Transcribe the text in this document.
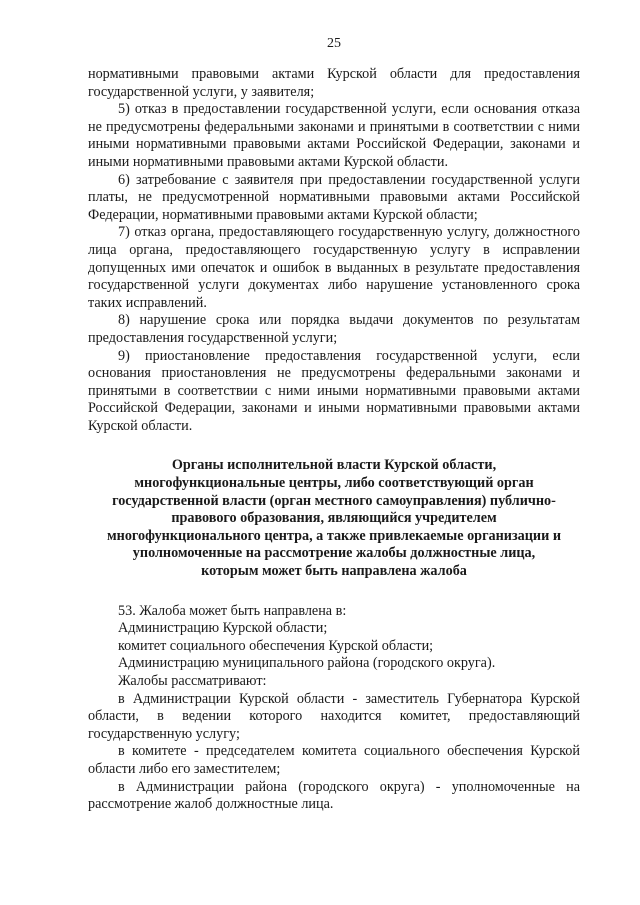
25

нормативными правовыми актами Курской области для предоставления государственной услуги, у заявителя;

5) отказ в предоставлении государственной услуги, если основания отказа не предусмотрены федеральными законами и принятыми в соответствии с ними иными нормативными правовыми актами Российской Федерации, законами и иными нормативными правовыми актами Курской области.

6) затребование с заявителя при предоставлении государственной услуги платы, не предусмотренной нормативными правовыми актами Российской Федерации, нормативными правовыми актами Курской области;

7) отказ органа, предоставляющего государственную услугу, должностного лица органа, предоставляющего государственную услугу в исправлении допущенных ими опечаток и ошибок в выданных в результате предоставления государственной услуги документах либо нарушение установленного срока таких исправлений.

8) нарушение срока или порядка выдачи документов по результатам предоставления государственной услуги;

9) приостановление предоставления государственной услуги, если основания приостановления не предусмотрены федеральными законами и принятыми в соответствии с ними иными нормативными правовыми актами Российской Федерации, законами и иными нормативными правовыми актами Курской области.

Органы исполнительной власти Курской области,
многофункциональные центры, либо соответствующий орган
государственной власти (орган местного самоуправления) публично-
правового образования, являющийся учредителем
многофункционального центра, а также привлекаемые организации и
уполномоченные на рассмотрение жалобы должностные лица,
которым может быть направлена жалоба

53. Жалоба может быть направлена в:

Администрацию Курской области;

комитет социального обеспечения Курской области;

Администрацию муниципального района (городского округа).

Жалобы рассматривают:

в Администрации Курской области - заместитель Губернатора Курской области, в ведении которого находится комитет, предоставляющий государственную услугу;

в комитете - председателем комитета социального обеспечения Курской области либо его заместителем;

в Администрации района (городского округа) - уполномоченные на рассмотрение жалоб должностные лица.
